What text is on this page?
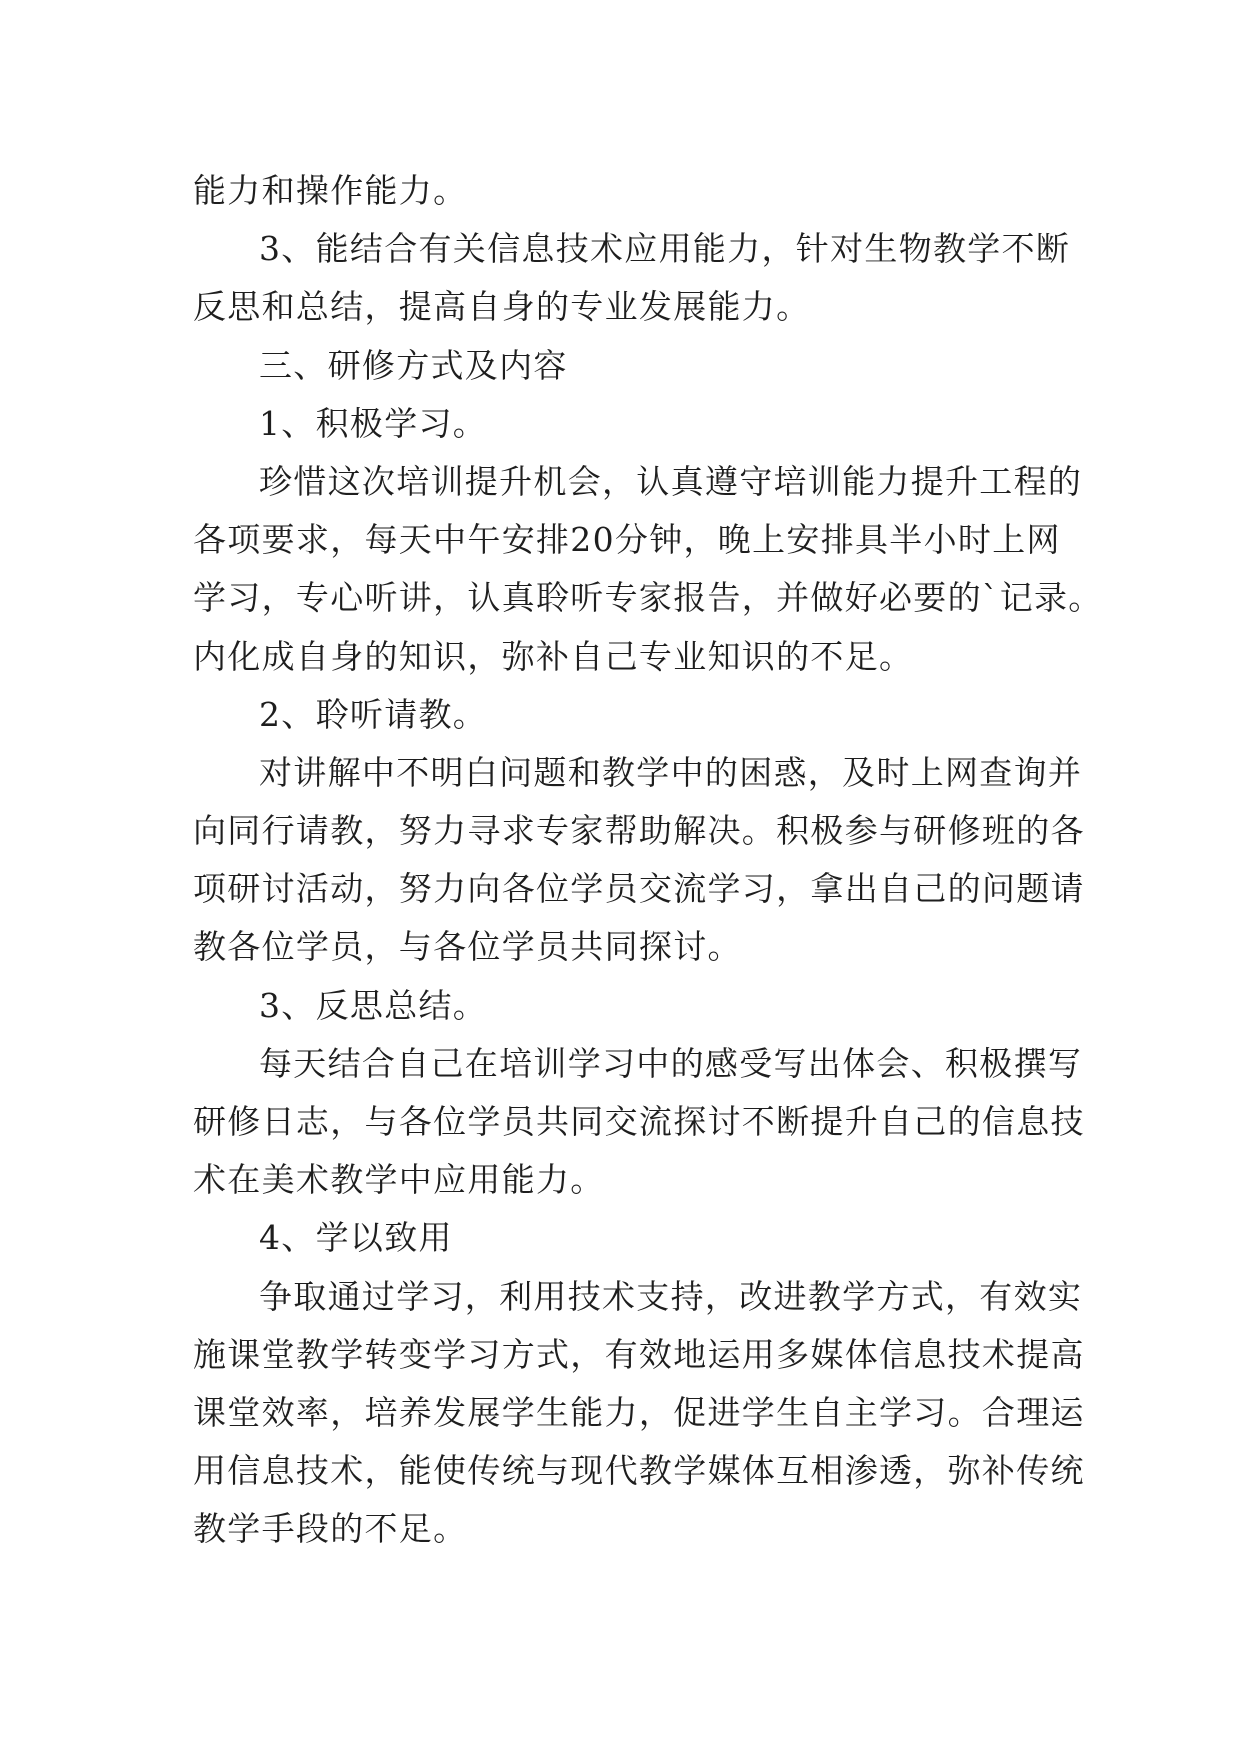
能力和操作能力。
3、能结合有关信息技术应用能力，针对生物教学不断
反思和总结，提高自身的专业发展能力。
三、研修方式及内容
1、积极学习。
珍惜这次培训提升机会，认真遵守培训能力提升工程的
各项要求，每天中午安排20分钟，晚上安排具半小时上网
学习，专心听讲，认真聆听专家报告，并做好必要的`记录。
内化成自身的知识，弥补自己专业知识的不足。
2、聆听请教。
对讲解中不明白问题和教学中的困惑，及时上网查询并
向同行请教，努力寻求专家帮助解决。积极参与研修班的各
项研讨活动，努力向各位学员交流学习，拿出自己的问题请
教各位学员，与各位学员共同探讨。
3、反思总结。
每天结合自己在培训学习中的感受写出体会、积极撰写
研修日志，与各位学员共同交流探讨不断提升自己的信息技
术在美术教学中应用能力。
4、学以致用
争取通过学习，利用技术支持，改进教学方式，有效实
施课堂教学转变学习方式，有效地运用多媒体信息技术提高
课堂效率，培养发展学生能力，促进学生自主学习。合理运
用信息技术，能使传统与现代教学媒体互相渗透，弥补传统
教学手段的不足。
